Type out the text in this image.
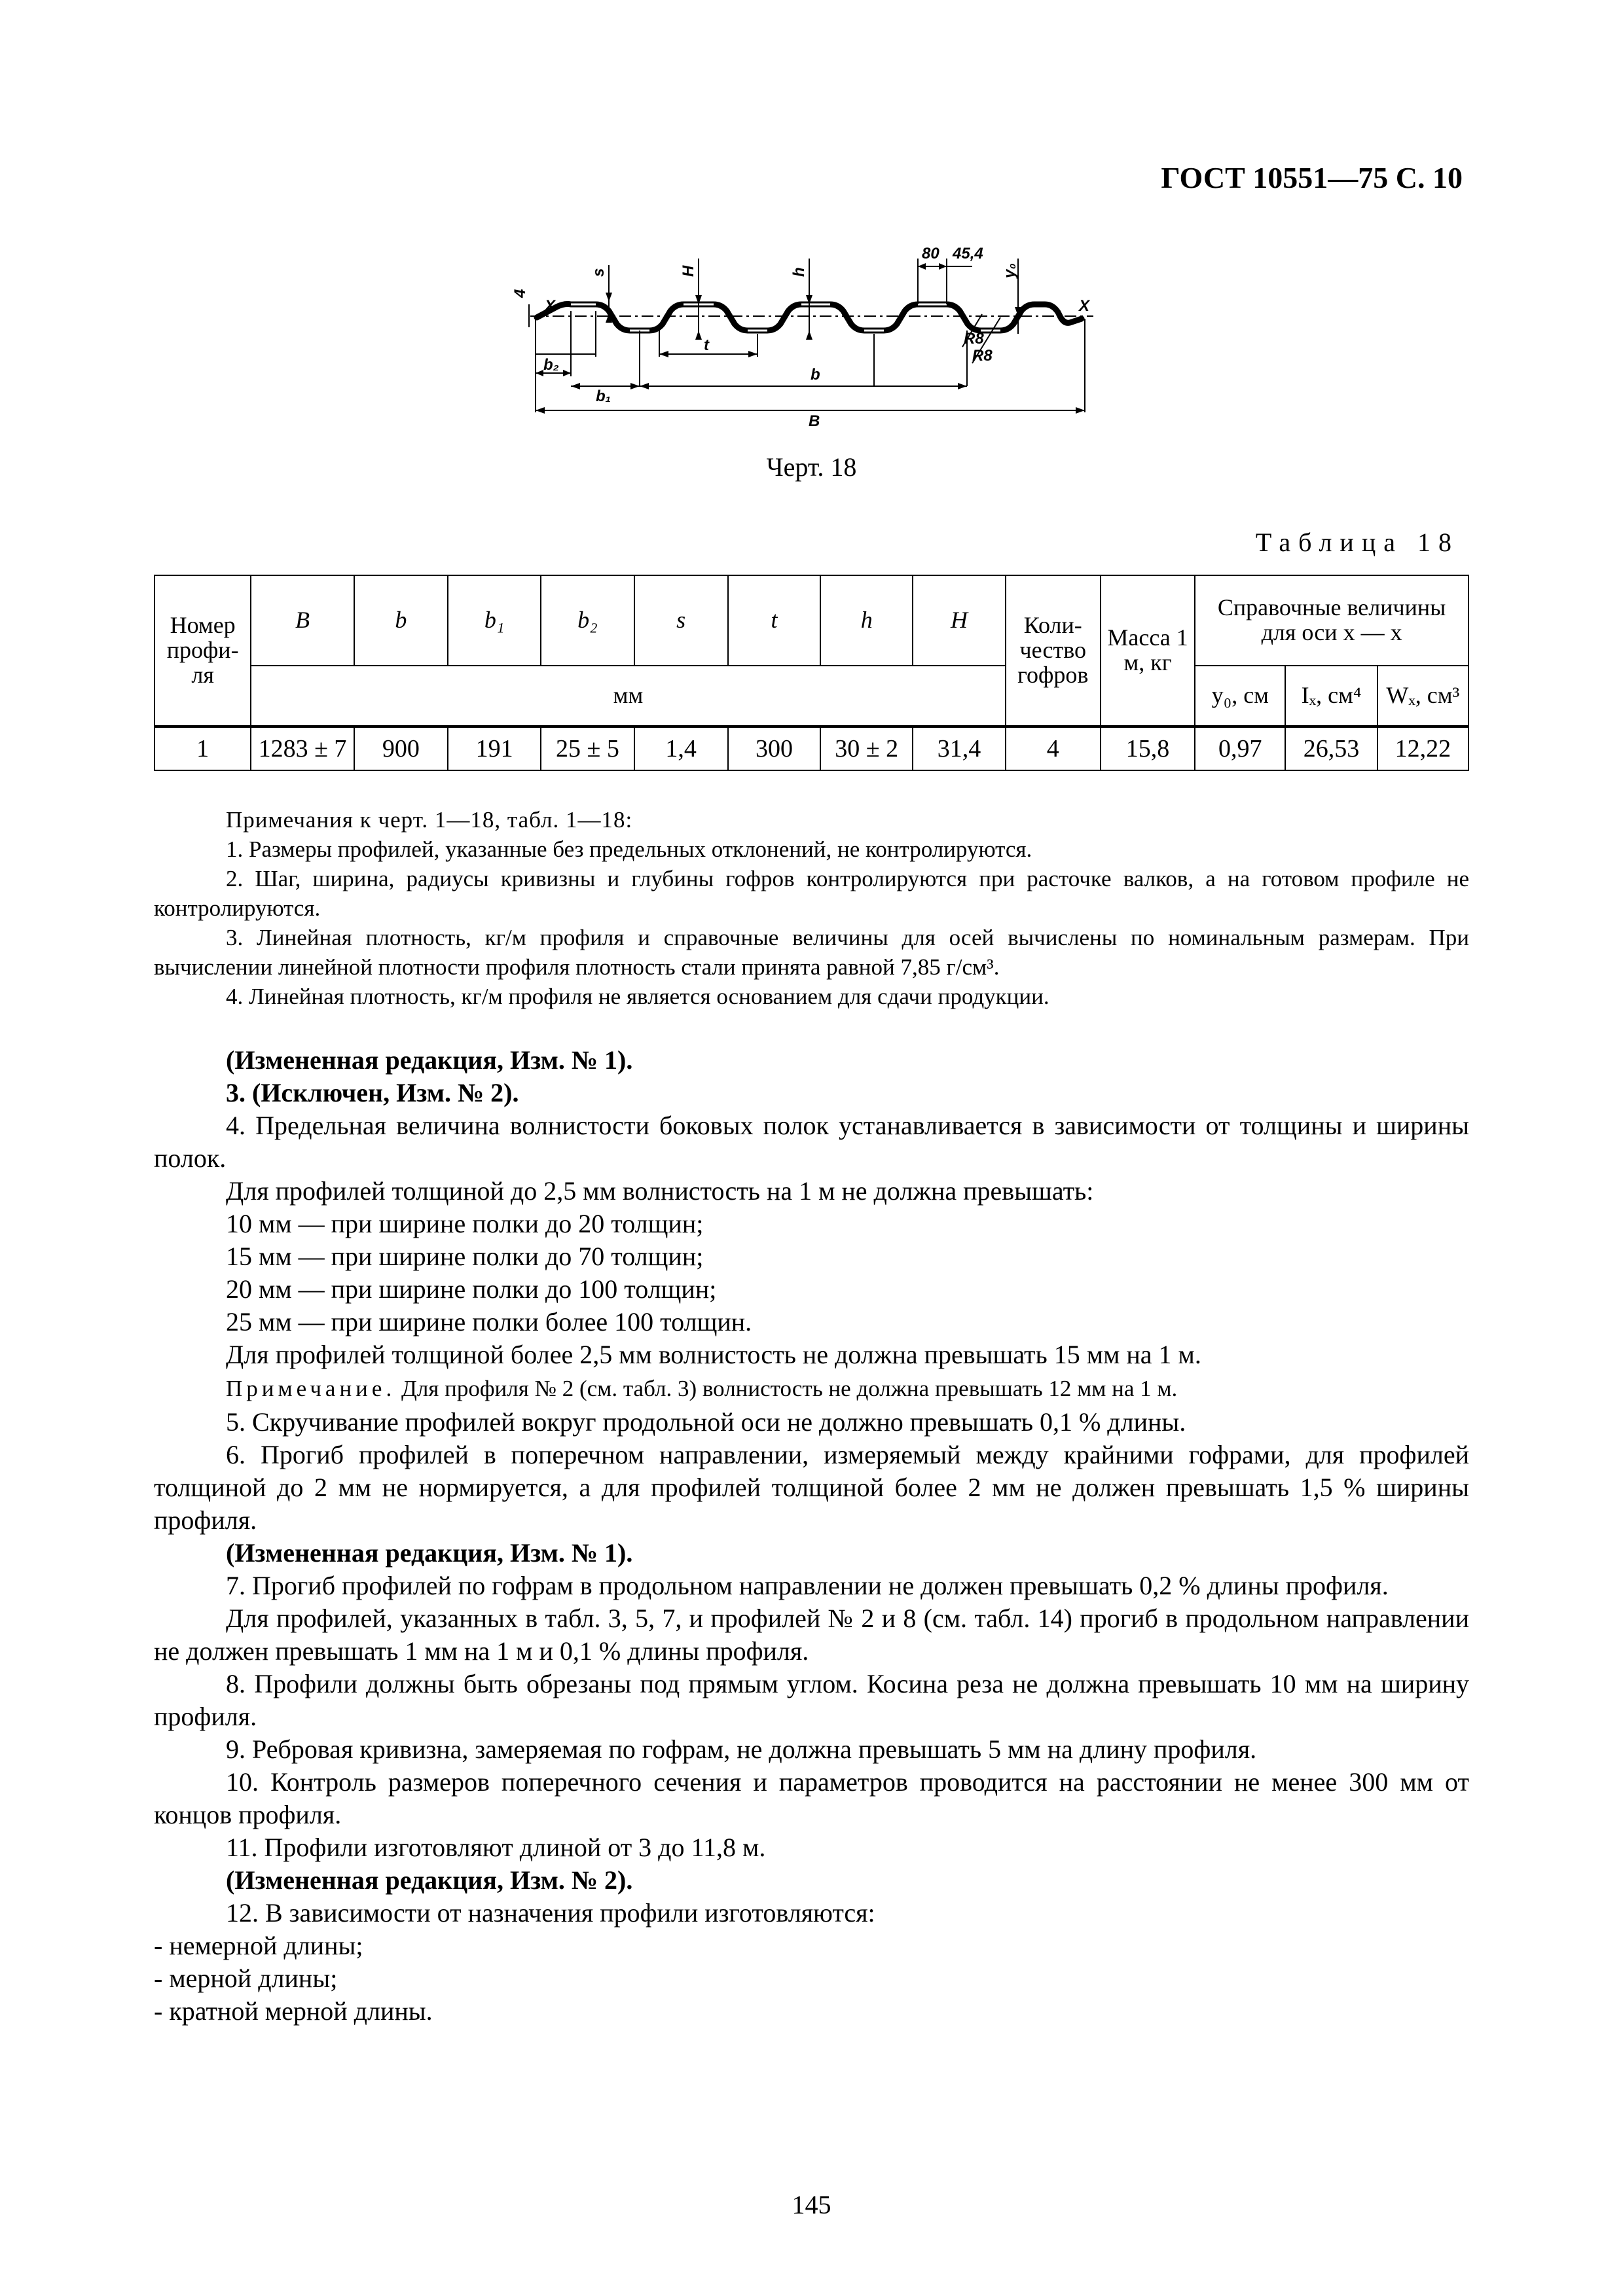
ГОСТ 10551—75 С. 10
4
X	X
s	H	h
80 45,4
y₀
b₂
b₁
t
b
B
R8
R8
Черт. 18
Таблица 18
Номер профи-ля	B	b	b₁	b₂	s	t	h	H	Коли-чество гофров	Масса 1 м, кг	Справочные величины для оси x — x		
	мм										y₀, см	Iₓ, см⁴	Wₓ, см³
1	1283 ± 7	900	191	25 ± 5	1,4	300	30 ± 2	31,4	4	15,8	0,97	26,53	12,22

Примечания к черт. 1—18, табл. 1—18:

1. Размеры профилей, указанные без предельных отклонений, не контролируются.

2. Шаг, ширина, радиусы кривизны и глубины гофров контролируются при расточке валков, а на готовом профиле не контролируются.

3. Линейная плотность, кг/м профиля и справочные величины для осей вычислены по номинальным размерам. При вычислении линейной плотности профиля плотность стали принята равной 7,85 г/см³.

4. Линейная плотность, кг/м профиля не является основанием для сдачи продукции.

(Измененная редакция, Изм. № 1).

3. (Исключен, Изм. № 2).

4. Предельная величина волнистости боковых полок устанавливается в зависимости от толщины и ширины полок.

Для профилей толщиной до 2,5 мм волнистость на 1 м не должна превышать:

10 мм — при ширине полки до 20 толщин;

15 мм — при ширине полки до 70 толщин;

20 мм — при ширине полки до 100 толщин;

25 мм — при ширине полки более 100 толщин.

Для профилей толщиной более 2,5 мм волнистость не должна превышать 15 мм на 1 м.

Примечание. Для профиля № 2 (см. табл. 3) волнистость не должна превышать 12 мм на 1 м.

5. Скручивание профилей вокруг продольной оси не должно превышать 0,1 % длины.

6. Прогиб профилей в поперечном направлении, измеряемый между крайними гофрами, для профилей толщиной до 2 мм не нормируется, а для профилей толщиной более 2 мм не должен превышать 1,5 % ширины профиля.

(Измененная редакция, Изм. № 1).

7. Прогиб профилей по гофрам в продольном направлении не должен превышать 0,2 % длины профиля.

Для профилей, указанных в табл. 3, 5, 7, и профилей № 2 и 8 (см. табл. 14) прогиб в продольном направлении не должен превышать 1 мм на 1 м и 0,1 % длины профиля.

8. Профили должны быть обрезаны под прямым углом. Косина реза не должна превышать 10 мм на ширину профиля.

9. Ребровая кривизна, замеряемая по гофрам, не должна превышать 5 мм на длину профиля.

10. Контроль размеров поперечного сечения и параметров проводится на расстоянии не менее 300 мм от концов профиля.

11. Профили изготовляют длиной от 3 до 11,8 м.

(Измененная редакция, Изм. № 2).

12. В зависимости от назначения профили изготовляются:

- немерной длины;

- мерной длины;

- кратной мерной длины.

145
